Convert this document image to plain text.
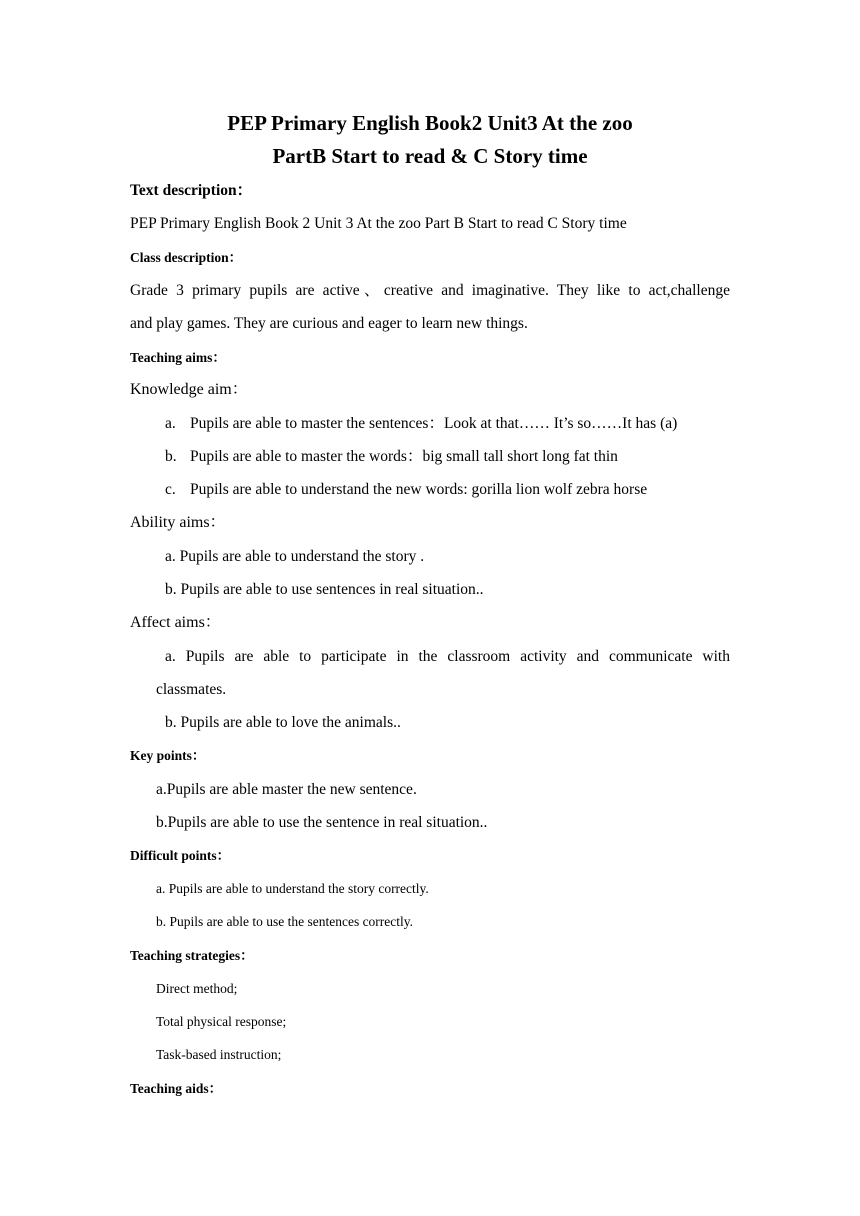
PEP Primary English Book2 Unit3 At the zoo
PartB Start to read & C Story time
Text description：
PEP Primary English Book 2 Unit 3 At the zoo Part B Start to read C Story time
Class description：
Grade 3 primary pupils are active、creative and imaginative. They like to act,challenge
and play games. They are curious and eager to learn new things.
Teaching aims：
Knowledge aim：
a. Pupils are able to master the sentences：Look at that…… It’s so……It has (a)
b. Pupils are able to master the words：big small tall short long fat thin
c. Pupils are able to understand the new words: gorilla lion wolf zebra horse
Ability aims：
a. Pupils are able to understand the story .
b. Pupils are able to use sentences in real situation..
Affect aims：
a. Pupils are able to participate in the classroom activity and communicate with
classmates.
b. Pupils are able to love the animals..
Key points：
a.Pupils are able master the new sentence.
b.Pupils are able to use the sentence in real situation..
Difficult points：
a. Pupils are able to understand the story correctly.
b. Pupils are able to use the sentences correctly.
Teaching strategies：
Direct method;
Total physical response;
Task-based instruction;
Teaching aids：
